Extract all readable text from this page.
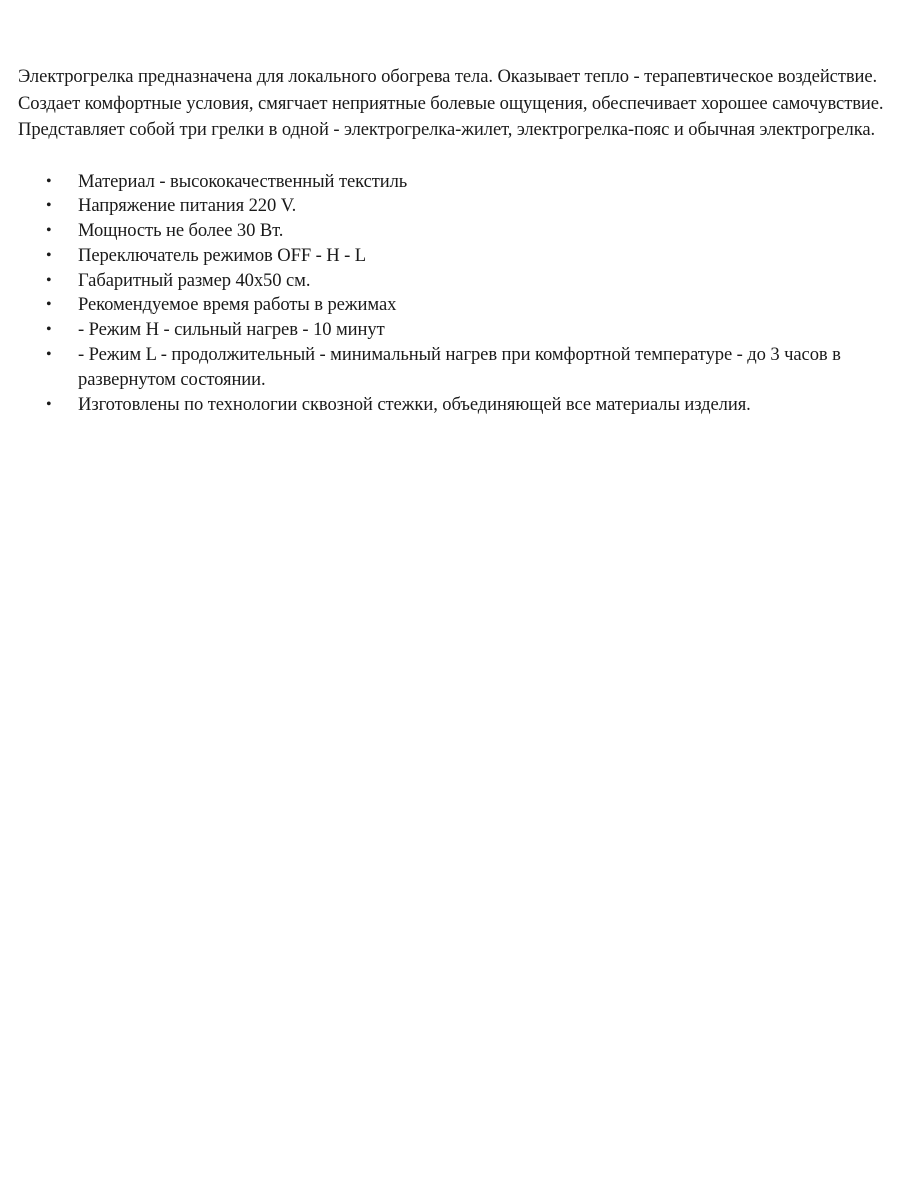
Электрогрелка предназначена для локального обогрева тела. Оказывает тепло - терапевтическое воздействие. Создает комфортные условия, смягчает неприятные болевые ощущения, обеспечивает хорошее самочувствие. Представляет собой три грелки в одной - электрогрелка-жилет, электрогрелка-пояс и обычная электрогрелка.

• Материал - высококачественный текстиль
• Напряжение питания 220 V.
• Мощность не более 30 Вт.
• Переключатель режимов OFF - H - L
• Габаритный размер 40x50 см.
• Рекомендуемое время работы в режимах
• - Режим H - сильный нагрев - 10 минут
• - Режим L - продолжительный - минимальный нагрев при комфортной температуре - до 3 часов в развернутом состоянии.
• Изготовлены по технологии сквозной стежки, объединяющей все материалы изделия.
